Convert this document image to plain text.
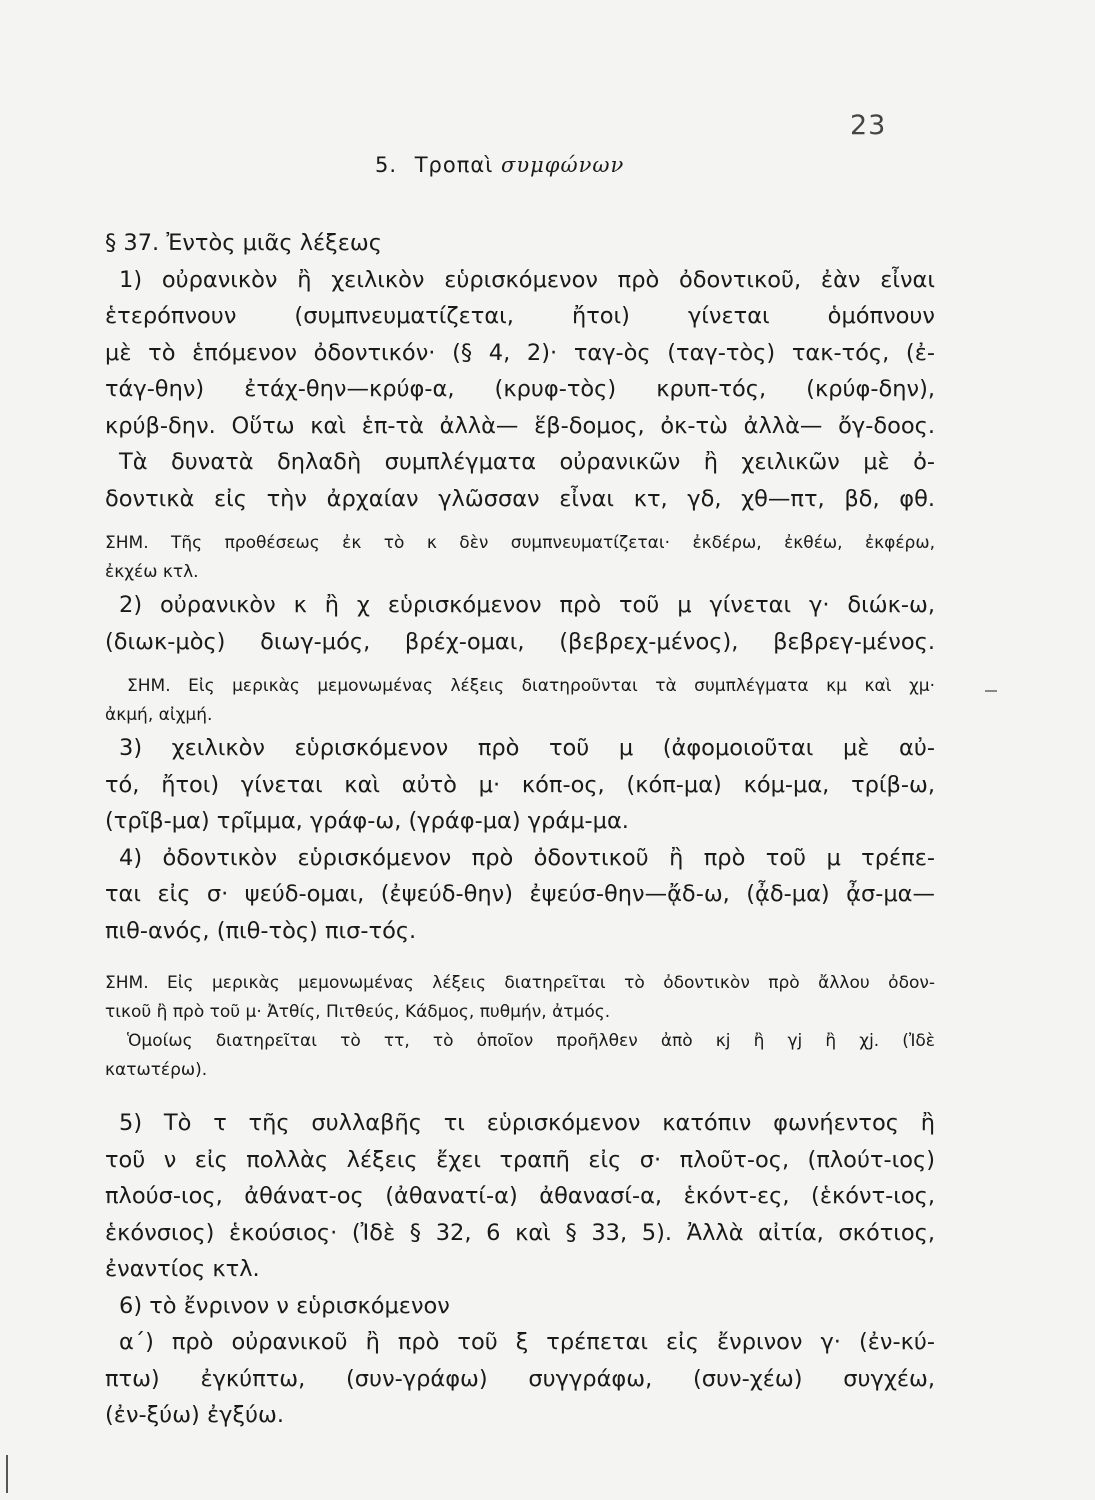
23
5. Τροπαὶ συμφώνων
§ 37. Ἐντὸς μιᾶς λέξεως
1) οὐρανικὸν ἢ χειλικὸν εὑρισκόμενον πρὸ ὀδοντικοῦ, ἐὰν εἶναι
ἑτερόπνουν (συμπνευματίζεται, ἤτοι) γίνεται ὁμόπνουν
μὲ τὸ ἑπόμενον ὀδοντικόν· (§ 4, 2)· ταγ-ὸς (ταγ-τὸς) τακ-τός, (ἐ-
τάγ-θην) ἐτάχ-θην—κρύφ-α, (κρυφ-τὸς) κρυπ-τός, (κρύφ-δην),
κρύβ-δην. Οὕτω καὶ ἑπ-τὰ ἀλλὰ— ἕβ-δομος, ὀκ-τὼ ἀλλὰ— ὄγ-δοος.
Τὰ δυνατὰ δηλαδὴ συμπλέγματα οὐρανικῶν ἢ χειλικῶν μὲ ὀ-
δοντικὰ εἰς τὴν ἀρχαίαν γλῶσσαν εἶναι κτ, γδ, χθ—πτ, βδ, φθ.
ΣΗΜ. Τῆς προθέσεως ἐκ τὸ κ δὲν συμπνευματίζεται· ἐκδέρω, ἐκθέω, ἐκφέρω,
ἐκχέω κτλ.
2) οὐρανικὸν κ ἢ χ εὑρισκόμενον πρὸ τοῦ μ γίνεται γ· διώκ-ω,
(διωκ-μὸς) διωγ-μός, βρέχ-ομαι, (βεβρεχ-μένος), βεβρεγ-μένος.
ΣΗΜ. Εἰς μερικὰς μεμονωμένας λέξεις διατηροῦνται τὰ συμπλέγματα κμ καὶ χμ·
ἀκμή, αἰχμή.
3) χειλικὸν εὑρισκόμενον πρὸ τοῦ μ (ἀφομοιοῦται μὲ αὐ-
τό, ἤτοι) γίνεται καὶ αὐτὸ μ· κόπ-ος, (κόπ-μα) κόμ-μα, τρίβ-ω,
(τρῖβ-μα) τρῖμμα, γράφ-ω, (γράφ-μα) γράμ-μα.
4) ὀδοντικὸν εὑρισκόμενον πρὸ ὀδοντικοῦ ἢ πρὸ τοῦ μ τρέπε-
ται εἰς σ· ψεύδ-ομαι, (ἐψεύδ-θην) ἐψεύσ-θην—ᾄδ-ω, (ᾆδ-μα) ᾆσ-μα—
πιθ-ανός, (πιθ-τὸς) πισ-τός.
ΣΗΜ. Εἰς μερικὰς μεμονωμένας λέξεις διατηρεῖται τὸ ὀδοντικὸν πρὸ ἄλλου ὀδον-
τικοῦ ἢ πρὸ τοῦ μ· Ἀτθίς, Πιτθεύς, Κάδμος, πυθμήν, ἀτμός.
Ὁμοίως διατηρεῖται τὸ ττ, τὸ ὁποῖον προῆλθεν ἀπὸ κj ἢ γj ἢ χj. (Ἰδὲ
κατωτέρω).
5) Τὸ τ τῆς συλλαβῆς τι εὑρισκόμενον κατόπιν φωνήεντος ἢ
τοῦ ν εἰς πολλὰς λέξεις ἔχει τραπῆ εἰς σ· πλοῦτ-ος, (πλούτ-ιος)
πλούσ-ιος, ἀθάνατ-ος (ἀθανατί-α) ἀθανασί-α, ἑκόντ-ες, (ἑκόντ-ιος,
ἑκόνσιος) ἑκούσιος· (Ἰδὲ § 32, 6 καὶ § 33, 5). Ἀλλὰ αἰτία, σκότιος,
ἐναντίος κτλ.
6) τὸ ἔνρινον ν εὑρισκόμενον
α΄) πρὸ οὐρανικοῦ ἢ πρὸ τοῦ ξ τρέπεται εἰς ἔνρινον γ· (ἐν-κύ-
πτω) ἐγκύπτω, (συν-γράφω) συγγράφω, (συν-χέω) συγχέω,
(ἐν-ξύω) ἐγξύω.
